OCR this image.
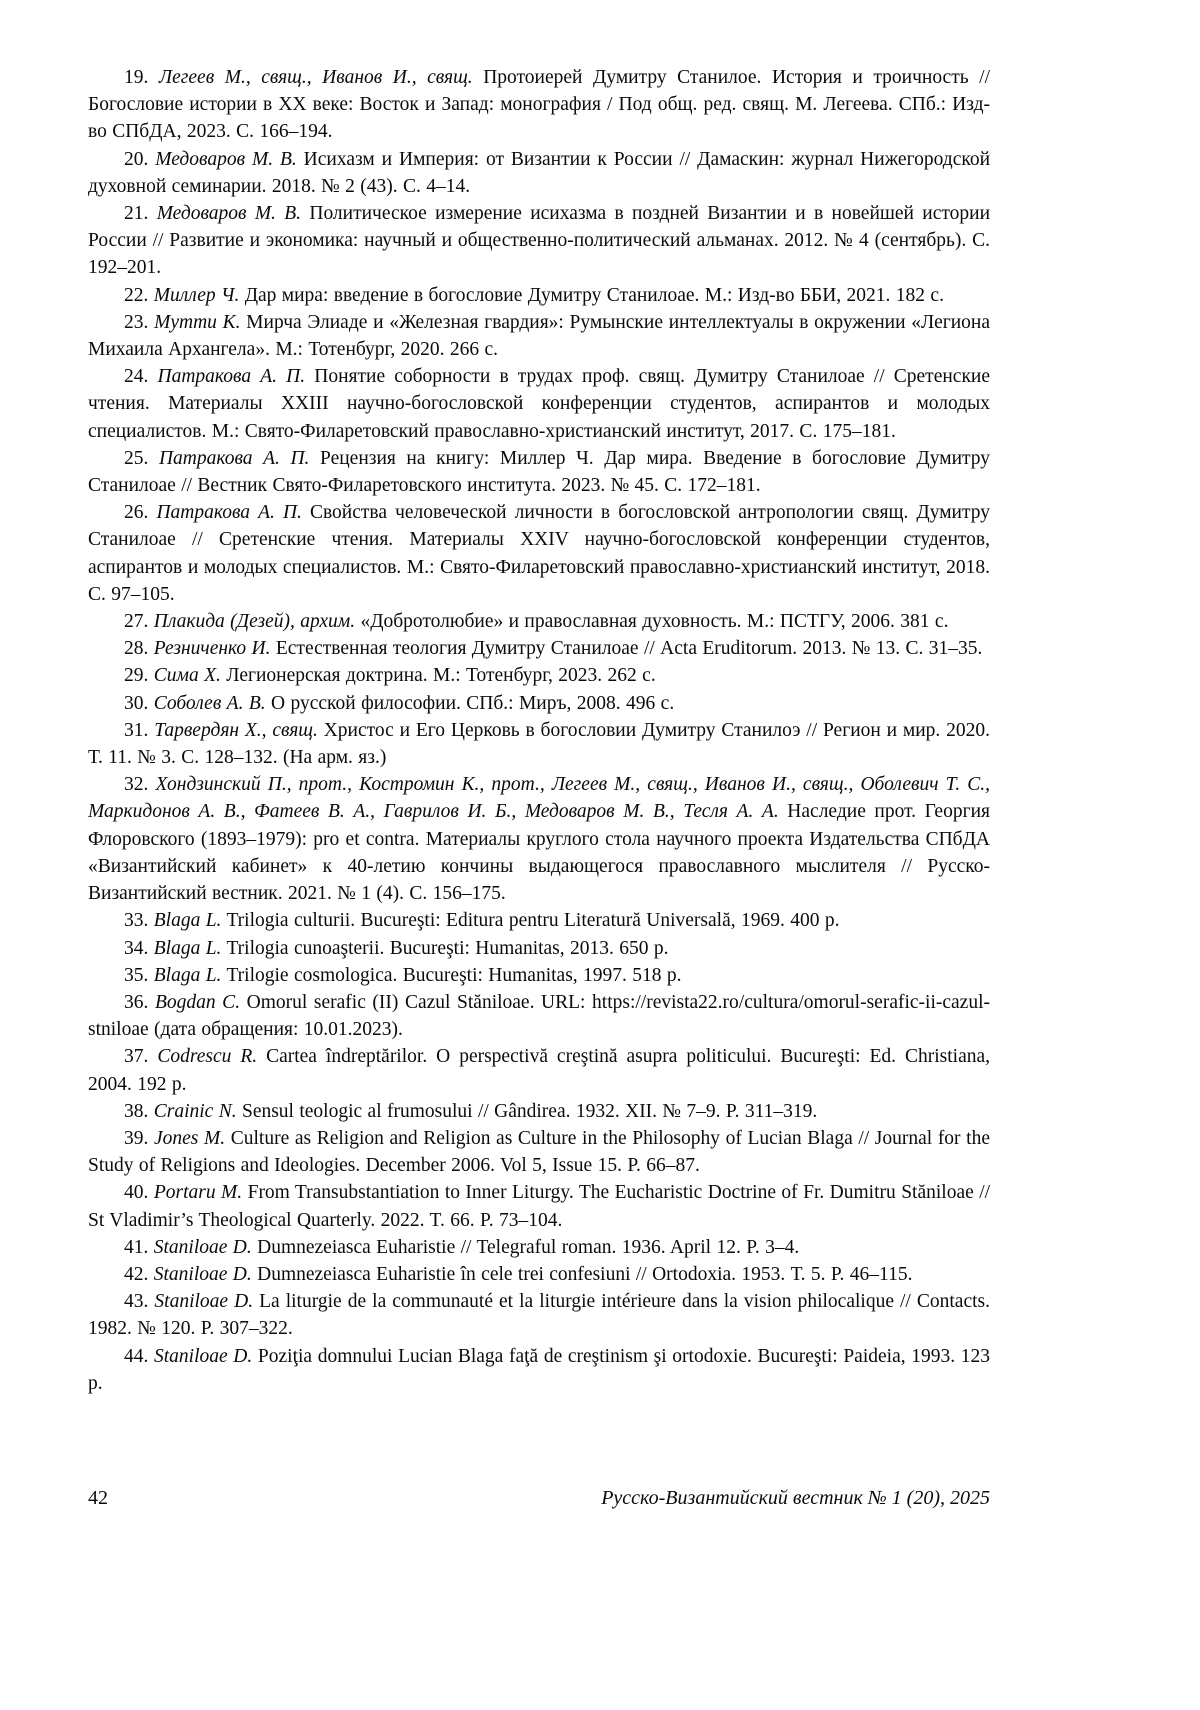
19. Легеев М., свящ., Иванов И., свящ. Протоиерей Думитру Станилое. История и троичность // Богословие истории в XX веке: Восток и Запад: монография / Под общ. ред. свящ. М. Легеева. СПб.: Изд-во СПбДА, 2023. С. 166–194.

20. Медоваров М. В. Исихазм и Империя: от Византии к России // Дамаскин: журнал Нижегородской духовной семинарии. 2018. № 2 (43). С. 4–14.

21. Медоваров М. В. Политическое измерение исихазма в поздней Византии и в новейшей истории России // Развитие и экономика: научный и общественно-политический альманах. 2012. № 4 (сентябрь). С. 192–201.

22. Миллер Ч. Дар мира: введение в богословие Думитру Станилоае. М.: Изд-во ББИ, 2021. 182 с.

23. Мутти К. Мирча Элиаде и «Железная гвардия»: Румынские интеллектуалы в окружении «Легиона Михаила Архангела». М.: Тотенбург, 2020. 266 с.

24. Патракова А. П. Понятие соборности в трудах проф. свящ. Думитру Станилоае // Сретенские чтения. Материалы XXIII научно-богословской конференции студентов, аспирантов и молодых специалистов. М.: Свято-Филаретовский православно-христианский институт, 2017. С. 175–181.

25. Патракова А. П. Рецензия на книгу: Миллер Ч. Дар мира. Введение в богословие Думитру Станилоае // Вестник Свято-Филаретовского института. 2023. № 45. С. 172–181.

26. Патракова А. П. Свойства человеческой личности в богословской антропологии свящ. Думитру Станилоае // Сретенские чтения. Материалы XXIV научно-богословской конференции студентов, аспирантов и молодых специалистов. М.: Свято-Филаретовский православно-христианский институт, 2018. С. 97–105.

27. Плакида (Дезей), архим. «Добротолюбие» и православная духовность. М.: ПСТГУ, 2006. 381 с.

28. Резниченко И. Естественная теология Думитру Станилоае // Acta Eruditorum. 2013. № 13. С. 31–35.

29. Сима Х. Легионерская доктрина. М.: Тотенбург, 2023. 262 с.

30. Соболев А. В. О русской философии. СПб.: Миръ, 2008. 496 с.

31. Тарвердян Х., свящ. Христос и Его Церковь в богословии Думитру Станилоэ // Регион и мир. 2020. Т. 11. № 3. С. 128–132. (На арм. яз.)

32. Хондзинский П., прот., Костромин К., прот., Легеев М., свящ., Иванов И., свящ., Оболевич Т. С., Маркидонов А. В., Фатеев В. А., Гаврилов И. Б., Медоваров М. В., Тесля А. А. Наследие прот. Георгия Флоровского (1893–1979): pro et contra. Материалы круглого стола научного проекта Издательства СПбДА «Византийский кабинет» к 40-летию кончины выдающегося православного мыслителя // Русско-Византийский вестник. 2021. № 1 (4). С. 156–175.

33. Blaga L. Trilogia culturii. Bucureşti: Editura pentru Literatură Universală, 1969. 400 p.

34. Blaga L. Trilogia cunoaşterii. Bucureşti: Humanitas, 2013. 650 p.

35. Blaga L. Trilogie cosmologica. Bucureşti: Humanitas, 1997. 518 p.

36. Bogdan C. Omorul serafic (II) Cazul Stăniloae. URL: https://revista22.ro/cultura/omorul-serafic-ii-cazul-stniloae (дата обращения: 10.01.2023).

37. Codrescu R. Cartea îndreptărilor. O perspectivă creştină asupra politicului. Bucureşti: Ed. Christiana, 2004. 192 p.

38. Crainic N. Sensul teologic al frumosului // Gândirea. 1932. XII. № 7–9. P. 311–319.

39. Jones M. Culture as Religion and Religion as Culture in the Philosophy of Lucian Blaga // Journal for the Study of Religions and Ideologies. December 2006. Vol 5, Issue 15. P. 66–87.

40. Portaru M. From Transubstantiation to Inner Liturgy. The Eucharistic Doctrine of Fr. Dumitru Stăniloae // St Vladimir’s Theological Quarterly. 2022. T. 66. P. 73–104.

41. Staniloae D. Dumnezeiasca Euharistie // Telegraful roman. 1936. April 12. P. 3–4.

42. Staniloae D. Dumnezeiasca Euharistie în cele trei confesiuni // Ortodoxia. 1953. Т. 5. P. 46–115.

43. Staniloae D. La liturgie de la communauté et la liturgie intérieure dans la vision philocalique // Contacts. 1982. № 120. P. 307–322.

44. Staniloae D. Poziţia domnului Lucian Blaga faţă de creştinism şi ortodoxie. Bucureşti: Paideia, 1993. 123 p.

42	Русско-Византийский вестник № 1 (20), 2025
